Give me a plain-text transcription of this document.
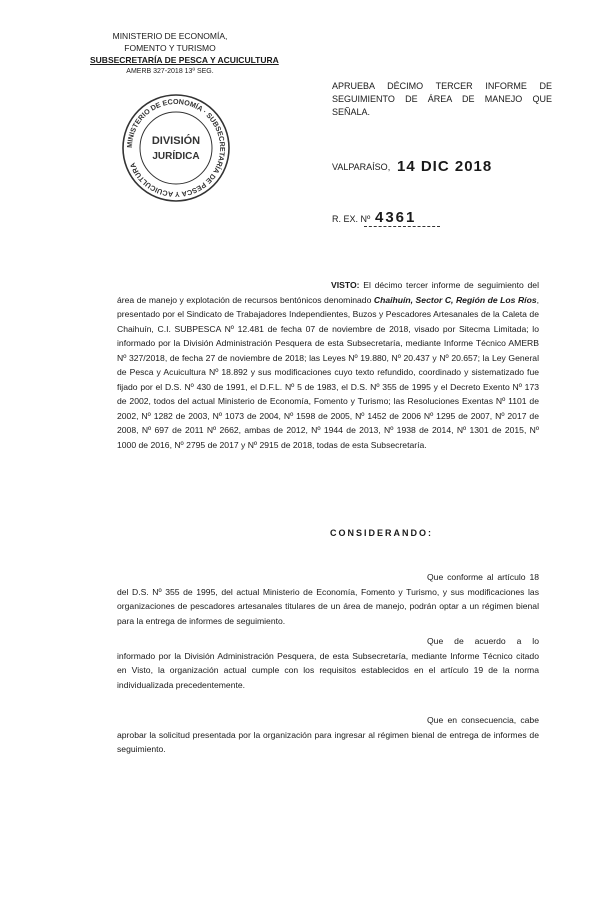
MINISTERIO DE ECONOMÍA,
FOMENTO Y TURISMO
SUBSECRETARÍA DE PESCA Y ACUICULTURA
AMERB 327-2018 13º SEG.
MINISTERIO DE ECONOMÍA · SUBSECRETARÍA DE PESCA Y ACUICULTURA
DIVISIÓN
JURÍDICA

APRUEBA DÉCIMO TERCER INFORME DE

SEGUIMIENTO DE ÁREA DE MANEJO QUE SEÑALA.

VALPARAÍSO, 14 DIC 2018
R. EX. Nº 4361
VISTO: El décimo tercer informe de seguimiento del área de manejo y explotación de recursos bentónicos denominado Chaihuín, Sector C, Región de Los Ríos, presentado por el Sindicato de Trabajadores Independientes, Buzos y Pescadores Artesanales de la Caleta de Chaihuín, C.I. SUBPESCA Nº 12.481 de fecha 07 de noviembre de 2018, visado por Sitecma Limitada; lo informado por la División Administración Pesquera de esta Subsecretaría, mediante Informe Técnico AMERB Nº 327/2018, de fecha 27 de noviembre de 2018; las Leyes Nº 19.880, Nº 20.437 y Nº 20.657; la Ley General de Pesca y Acuicultura Nº 18.892 y sus modificaciones cuyo texto refundido, coordinado y sistematizado fue fijado por el D.S. Nº 430 de 1991, el D.F.L. Nº 5 de 1983, el D.S. Nº 355 de 1995 y el Decreto Exento Nº 173 de 2002, todos del actual Ministerio de Economía, Fomento y Turismo; las Resoluciones Exentas Nº 1101 de 2002, Nº 1282 de 2003, Nº 1073 de 2004, Nº 1598 de 2005, Nº 1452 de 2006 Nº 1295 de 2007, Nº 2017 de 2008, Nº 697 de 2011 Nº 2662, ambas de 2012, Nº 1944 de 2013, Nº 1938 de 2014, Nº 1301 de 2015, Nº 1000 de 2016, Nº 2795 de 2017 y Nº 2915 de 2018, todas de esta Subsecretaría.
CONSIDERANDO:
Que conforme al artículo 18 del D.S. Nº 355 de 1995, del actual Ministerio de Economía, Fomento y Turismo, y sus modificaciones las organizaciones de pescadores artesanales titulares de un área de manejo, podrán optar a un régimen bienal para la entrega de informes de seguimiento.
Que de acuerdo a lo informado por la División Administración Pesquera, de esta Subsecretaría, mediante Informe Técnico citado en Visto, la organización actual cumple con los requisitos establecidos en el artículo 19 de la norma individualizada precedentemente.
Que en consecuencia, cabe aprobar la solicitud presentada por la organización para ingresar al régimen bienal de entrega de informes de seguimiento.
